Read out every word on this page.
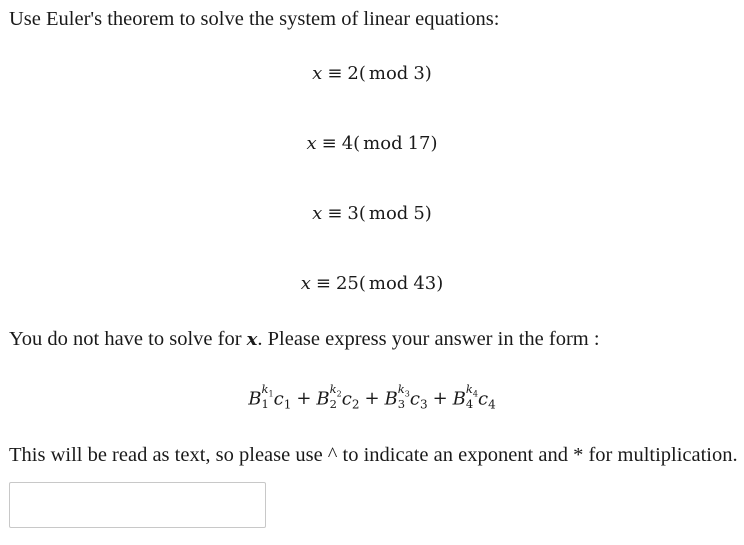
Use Euler's theorem to solve the system of linear equations:
x ≡ 2( mod 3)
x ≡ 4( mod 17)
x ≡ 3( mod 5)
x ≡ 25( mod 43)
You do not have to solve for x. Please express your answer in the form :
B $k_1$
1 $c_1 + B$ $k_2$
2 $c_2 + B$ $k_3$
3 $c_3 + B$ $k_4$
4 $c_4$
This will be read as text, so please use ^ to indicate an exponent and * for multiplication.
